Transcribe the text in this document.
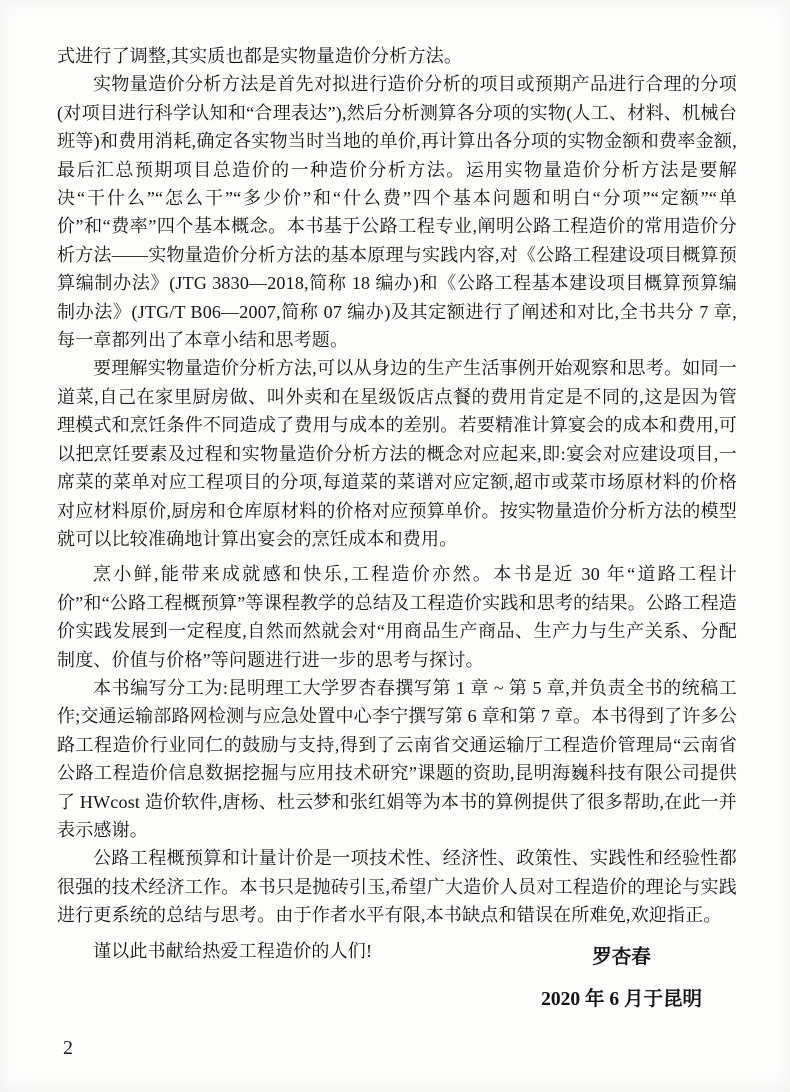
式进行了调整,其实质也都是实物量造价分析方法。

实物量造价分析方法是首先对拟进行造价分析的项目或预期产品进行合理的分项(对项目进行科学认知和“合理表达”),然后分析测算各分项的实物(人工、材料、机械台班等)和费用消耗,确定各实物当时当地的单价,再计算出各分项的实物金额和费率金额,最后汇总预期项目总造价的一种造价分析方法。运用实物量造价分析方法是要解决“干什么”“怎么干”“多少价”和“什么费”四个基本问题和明白“分项”“定额”“单价”和“费率”四个基本概念。本书基于公路工程专业,阐明公路工程造价的常用造价分析方法——实物量造价分析方法的基本原理与实践内容,对《公路工程建设项目概算预算编制办法》(JTG 3830—2018,简称 18 编办)和《公路工程基本建设项目概算预算编制办法》(JTG/T B06—2007,简称 07 编办)及其定额进行了阐述和对比,全书共分 7 章,每一章都列出了本章小结和思考题。

要理解实物量造价分析方法,可以从身边的生产生活事例开始观察和思考。如同一道菜,自己在家里厨房做、叫外卖和在星级饭店点餐的费用肯定是不同的,这是因为管理模式和烹饪条件不同造成了费用与成本的差别。若要精准计算宴会的成本和费用,可以把烹饪要素及过程和实物量造价分析方法的概念对应起来,即:宴会对应建设项目,一席菜的菜单对应工程项目的分项,每道菜的菜谱对应定额,超市或菜市场原材料的价格对应材料原价,厨房和仓库原材料的价格对应预算单价。按实物量造价分析方法的模型就可以比较准确地计算出宴会的烹饪成本和费用。

烹小鲜,能带来成就感和快乐,工程造价亦然。本书是近 30 年“道路工程计价”和“公路工程概预算”等课程教学的总结及工程造价实践和思考的结果。公路工程造价实践发展到一定程度,自然而然就会对“用商品生产商品、生产力与生产关系、分配制度、价值与价格”等问题进行进一步的思考与探讨。

本书编写分工为:昆明理工大学罗杏春撰写第 1 章 ~ 第 5 章,并负责全书的统稿工作;交通运输部路网检测与应急处置中心李宁撰写第 6 章和第 7 章。本书得到了许多公路工程造价行业同仁的鼓励与支持,得到了云南省交通运输厅工程造价管理局“云南省公路工程造价信息数据挖掘与应用技术研究”课题的资助,昆明海巍科技有限公司提供了 HWcost 造价软件,唐杨、杜云梦和张红娟等为本书的算例提供了很多帮助,在此一并表示感谢。

公路工程概预算和计量计价是一项技术性、经济性、政策性、实践性和经验性都很强的技术经济工作。本书只是抛砖引玉,希望广大造价人员对工程造价的理论与实践进行更系统的总结与思考。由于作者水平有限,本书缺点和错误在所难免,欢迎指正。

谨以此书献给热爱工程造价的人们!	罗杏春
2020 年 6 月于昆明
2
